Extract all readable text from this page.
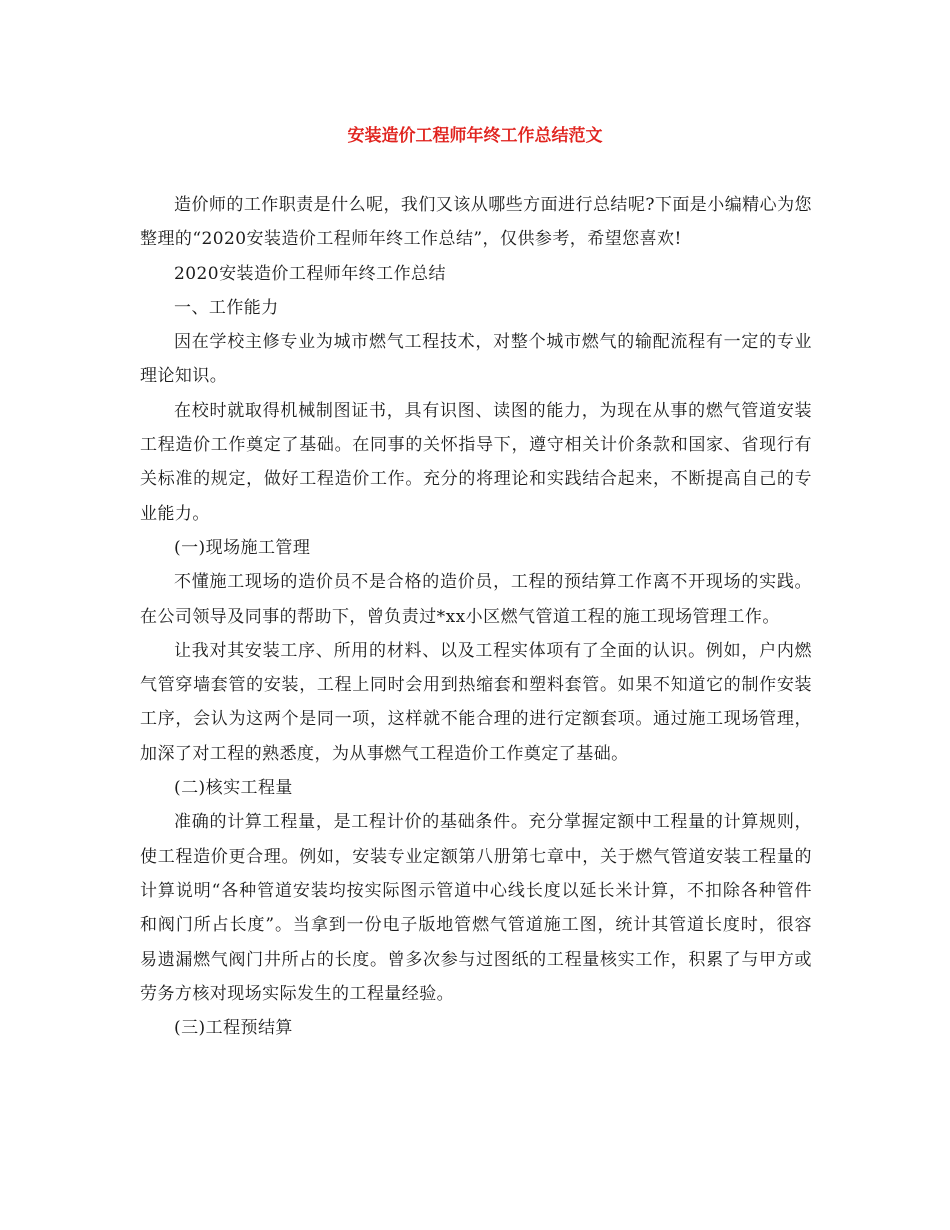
安装造价工程师年终工作总结范文

造价师的工作职责是什么呢，我们又该从哪些方面进行总结呢?下面是小编精心为您整理的“2020安装造价工程师年终工作总结”，仅供参考，希望您喜欢!

2020安装造价工程师年终工作总结

一、工作能力

因在学校主修专业为城市燃气工程技术，对整个城市燃气的输配流程有一定的专业理论知识。

在校时就取得机械制图证书，具有识图、读图的能力，为现在从事的燃气管道安装工程造价工作奠定了基础。在同事的关怀指导下，遵守相关计价条款和国家、省现行有关标准的规定，做好工程造价工作。充分的将理论和实践结合起来，不断提高自己的专业能力。

(一)现场施工管理

不懂施工现场的造价员不是合格的造价员，工程的预结算工作离不开现场的实践。在公司领导及同事的帮助下，曾负责过*xx小区燃气管道工程的施工现场管理工作。

让我对其安装工序、所用的材料、以及工程实体项有了全面的认识。例如，户内燃气管穿墙套管的安装，工程上同时会用到热缩套和塑料套管。如果不知道它的制作安装工序，会认为这两个是同一项，这样就不能合理的进行定额套项。通过施工现场管理，加深了对工程的熟悉度，为从事燃气工程造价工作奠定了基础。

(二)核实工程量

准确的计算工程量，是工程计价的基础条件。充分掌握定额中工程量的计算规则，使工程造价更合理。例如，安装专业定额第八册第七章中，关于燃气管道安装工程量的计算说明“各种管道安装均按实际图示管道中心线长度以延长米计算，不扣除各种管件和阀门所占长度”。当拿到一份电子版地管燃气管道施工图，统计其管道长度时，很容易遗漏燃气阀门井所占的长度。曾多次参与过图纸的工程量核实工作，积累了与甲方或劳务方核对现场实际发生的工程量经验。

(三)工程预结算
